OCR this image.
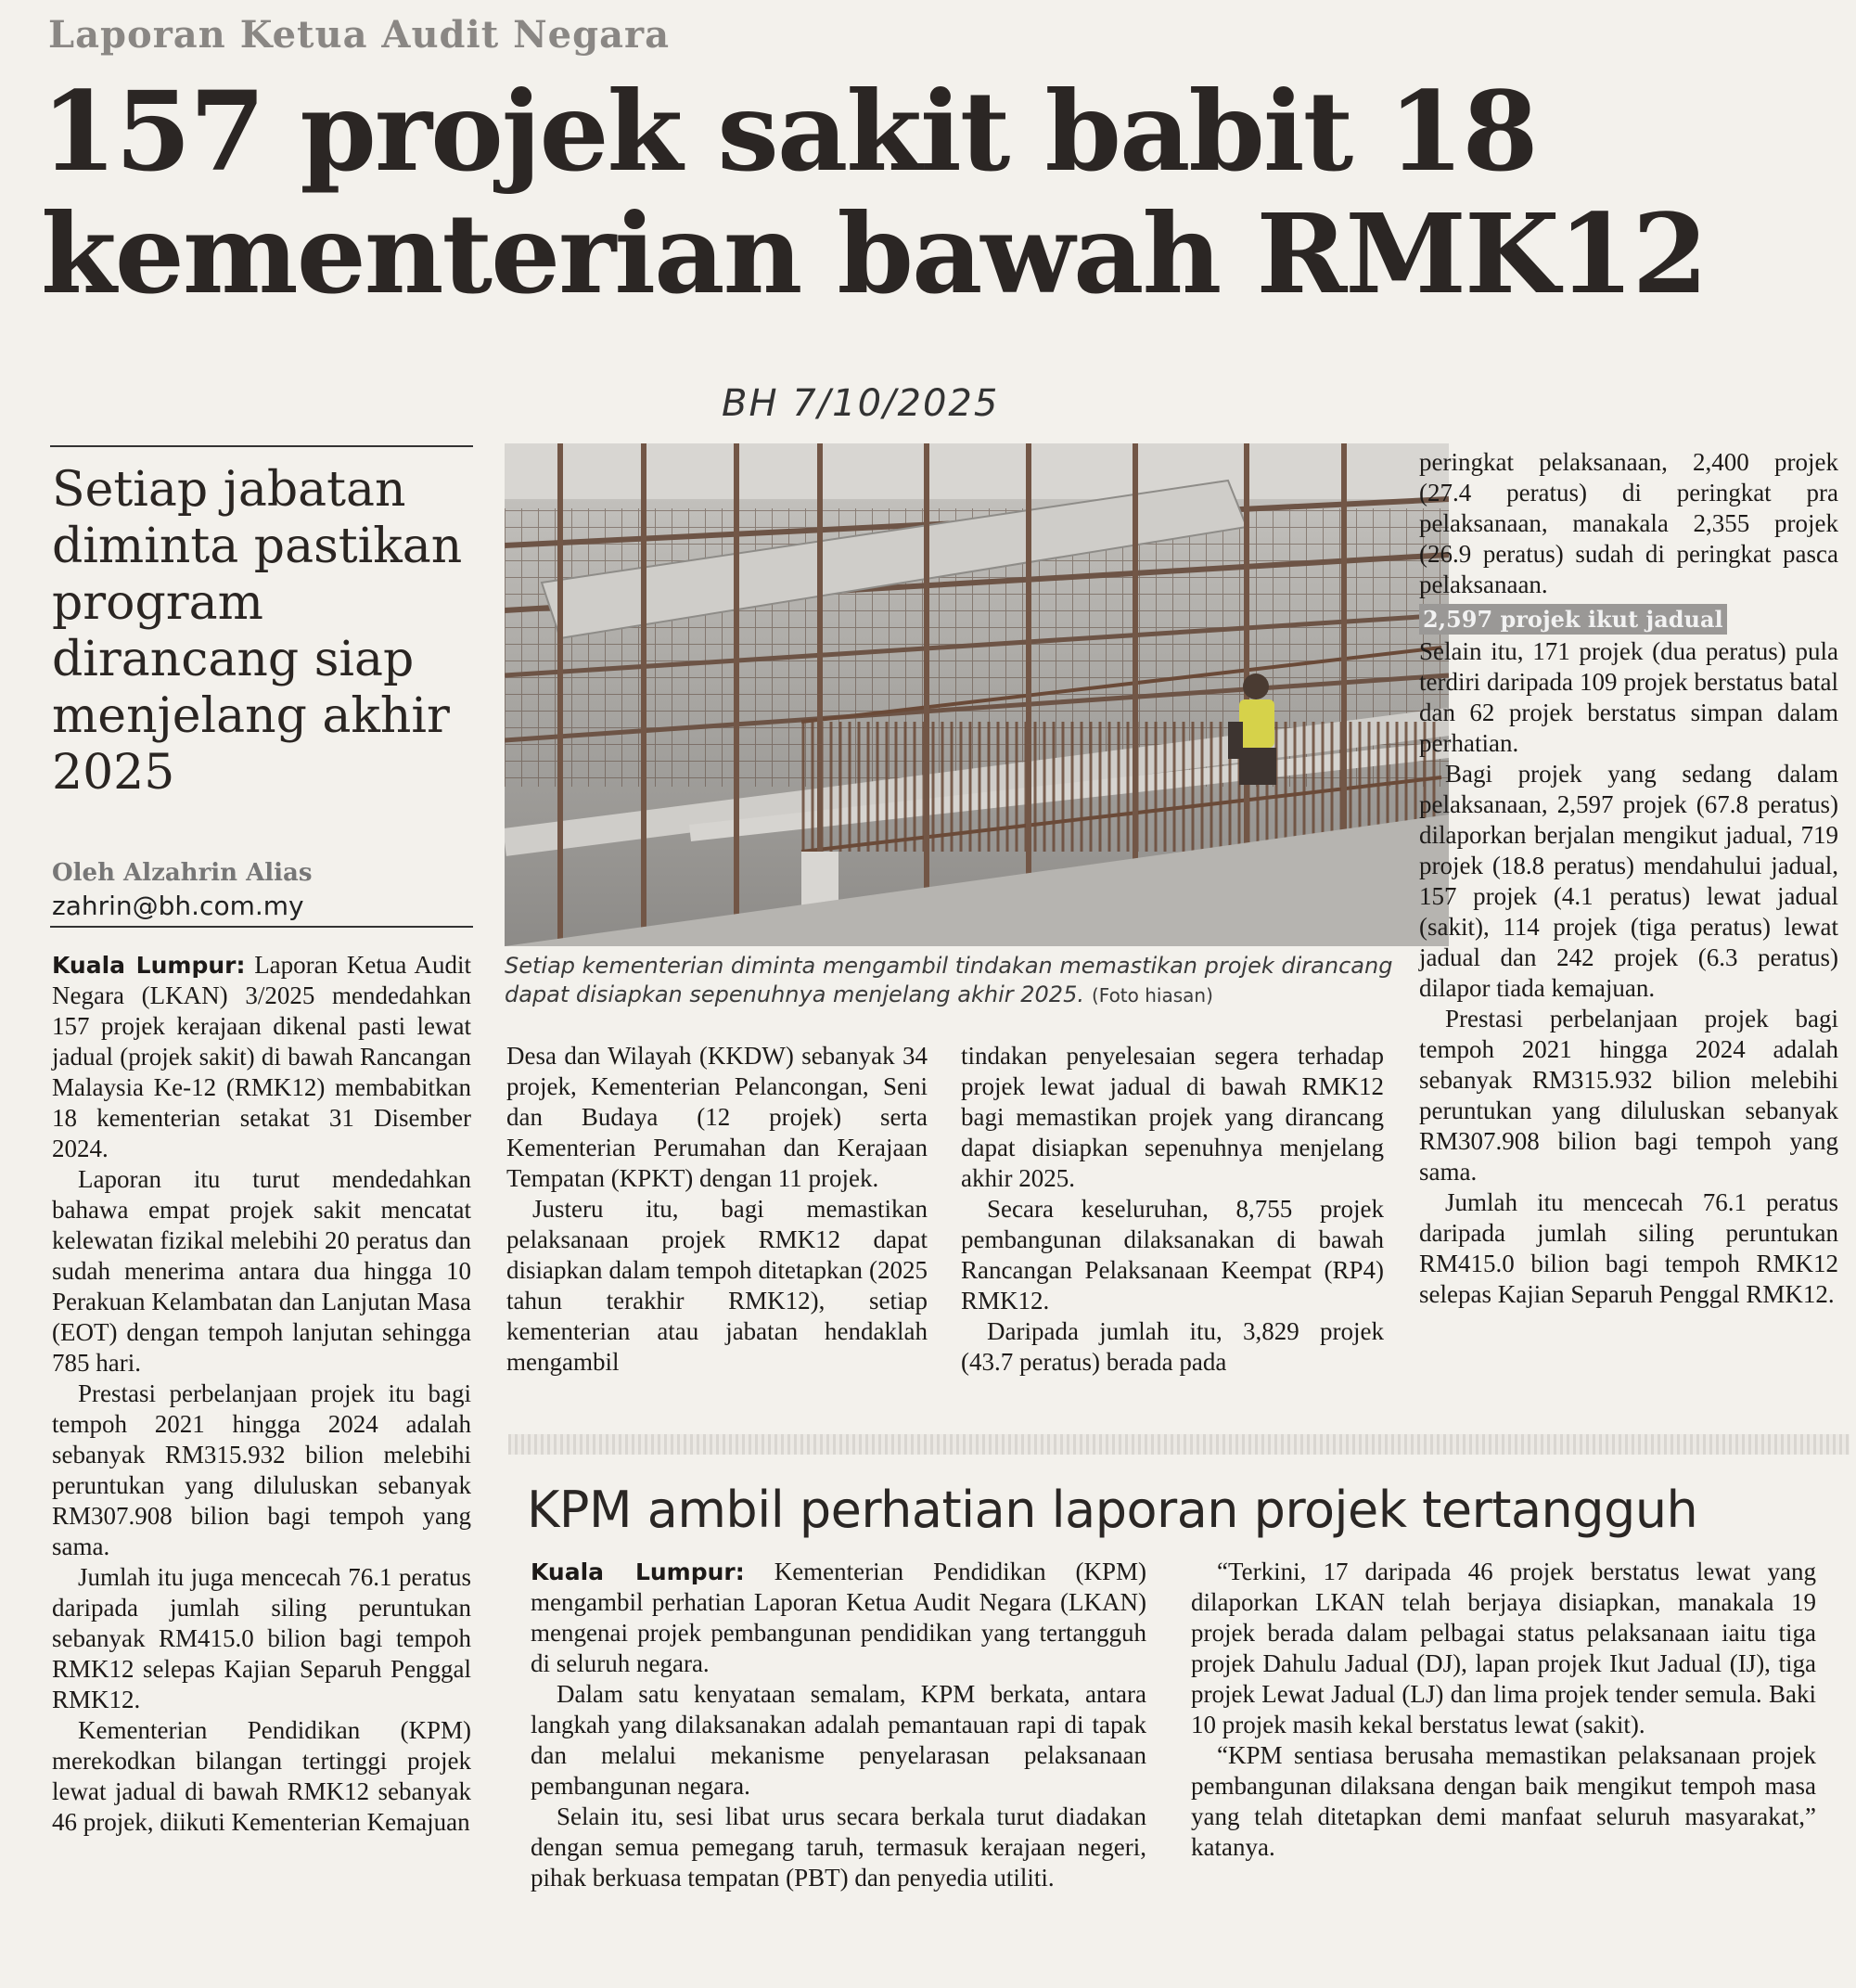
Laporan Ketua Audit Negara
157 projek sakit babit 18
kementerian bawah RMK12
BH 7/10/2025
Setiap jabatan diminta pastikan program dirancang siap menjelang akhir 2025
Oleh Alzahrin Alias
zahrin@bh.com.my
Setiap kementerian diminta mengambil tindakan memastikan projek dirancang dapat disiapkan sepenuhnya menjelang akhir 2025. (Foto hiasan)

Kuala Lumpur: Laporan Ketua Audit Negara (LKAN) 3/2025 mendedahkan 157 projek kerajaan dikenal pasti lewat jadual (projek sakit) di bawah Rancangan Malaysia Ke-12 (RMK12) membabitkan 18 kementerian setakat 31 Disember 2024.

Laporan itu turut mendedahkan bahawa empat projek sakit mencatat kelewatan fizikal melebihi 20 peratus dan sudah menerima antara dua hingga 10 Perakuan Kelambatan dan Lanjutan Masa (EOT) dengan tempoh lanjutan sehingga 785 hari.

Prestasi perbelanjaan projek itu bagi tempoh 2021 hingga 2024 adalah sebanyak RM315.932 bilion melebihi peruntukan yang diluluskan sebanyak RM307.908 bilion bagi tempoh yang sama.

Jumlah itu juga mencecah 76.1 peratus daripada jumlah siling peruntukan sebanyak RM415.0 bilion bagi tempoh RMK12 selepas Kajian Separuh Penggal RMK12.

Kementerian Pendidikan (KPM) merekodkan bilangan tertinggi projek lewat jadual di bawah RMK12 sebanyak 46 projek, diikuti Kementerian Kemajuan

Desa dan Wilayah (KKDW) sebanyak 34 projek, Kementerian Pelancongan, Seni dan Budaya (12 projek) serta Kementerian Perumahan dan Kerajaan Tempatan (KPKT) dengan 11 projek.

Justeru itu, bagi memastikan pelaksanaan projek RMK12 dapat disiapkan dalam tempoh ditetapkan (2025 tahun terakhir RMK12), setiap kementerian atau jabatan hendaklah mengambil

tindakan penyelesaian segera terhadap projek lewat jadual di bawah RMK12 bagi memastikan projek yang dirancang dapat disiapkan sepenuhnya menjelang akhir 2025.

Secara keseluruhan, 8,755 projek pembangunan dilaksanakan di bawah Rancangan Pelaksanaan Keempat (RP4) RMK12.

Daripada jumlah itu, 3,829 projek (43.7 peratus) berada pada

peringkat pelaksanaan, 2,400 projek (27.4 peratus) di peringkat pra pelaksanaan, manakala 2,355 projek (26.9 peratus) sudah di peringkat pasca pelaksanaan.

2,597 projek ikut jadual

Selain itu, 171 projek (dua peratus) pula terdiri daripada 109 projek berstatus batal dan 62 projek berstatus simpan dalam perhatian.

Bagi projek yang sedang dalam pelaksanaan, 2,597 projek (67.8 peratus) dilaporkan berjalan mengikut jadual, 719 projek (18.8 peratus) mendahului jadual, 157 projek (4.1 peratus) lewat jadual (sakit), 114 projek (tiga peratus) lewat jadual dan 242 projek (6.3 peratus) dilapor tiada kemajuan.

Prestasi perbelanjaan projek bagi tempoh 2021 hingga 2024 adalah sebanyak RM315.932 bilion melebihi peruntukan yang diluluskan sebanyak RM307.908 bilion bagi tempoh yang sama.

Jumlah itu mencecah 76.1 peratus daripada jumlah siling peruntukan RM415.0 bilion bagi tempoh RMK12 selepas Kajian Separuh Penggal RMK12.

KPM ambil perhatian laporan projek tertangguh

Kuala Lumpur: Kementerian Pendidikan (KPM) mengambil perhatian Laporan Ketua Audit Negara (LKAN) mengenai projek pembangunan pendidikan yang tertangguh di seluruh negara.

Dalam satu kenyataan semalam, KPM berkata, antara langkah yang dilaksanakan adalah pemantauan rapi di tapak dan melalui mekanisme penyelarasan pelaksanaan pembangunan negara.

Selain itu, sesi libat urus secara berkala turut diadakan dengan semua pemegang taruh, termasuk kerajaan negeri, pihak berkuasa tempatan (PBT) dan penyedia utiliti.

“Terkini, 17 daripada 46 projek berstatus lewat yang dilaporkan LKAN telah berjaya disiapkan, manakala 19 projek berada dalam pelbagai status pelaksanaan iaitu tiga projek Dahulu Jadual (DJ), lapan projek Ikut Jadual (IJ), tiga projek Lewat Jadual (LJ) dan lima projek tender semula. Baki 10 projek masih kekal berstatus lewat (sakit).

“KPM sentiasa berusaha memastikan pelaksanaan projek pembangunan dilaksana dengan baik mengikut tempoh masa yang telah ditetapkan demi manfaat seluruh masyarakat,” katanya.
